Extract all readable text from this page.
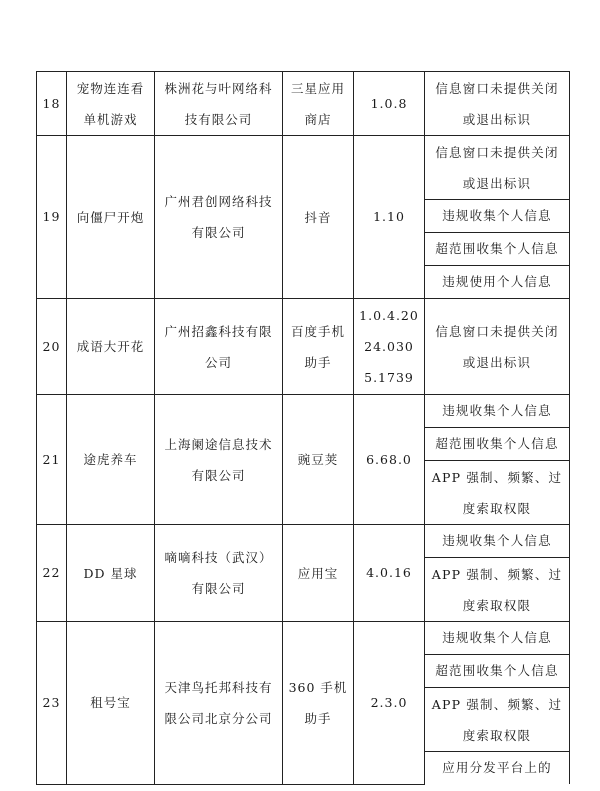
18	宠物连连看单机游戏	株洲花与叶网络科技有限公司	三星应用商店	1.0.8	信息窗口未提供关闭或退出标识
19	向僵尸开炮	广州君创网络科技有限公司	抖音	1.10	信息窗口未提供关闭或退出标识
					违规收集个人信息
					超范围收集个人信息
					违规使用个人信息
20	成语大开花	广州招鑫科技有限公司	百度手机助手	1.0.4.2024.0305.1739	信息窗口未提供关闭或退出标识
21	途虎养车	上海阑途信息技术有限公司	豌豆荚	6.68.0	违规收集个人信息
					超范围收集个人信息
					APP 强制、频繁、过度索取权限
22	DD 星球	嘀嘀科技（武汉）有限公司	应用宝	4.0.16	违规收集个人信息
					APP 强制、频繁、过度索取权限
23	租号宝	天津鸟托邦科技有限公司北京分公司	360 手机助手	2.3.0	违规收集个人信息
					超范围收集个人信息
					APP 强制、频繁、过度索取权限
					应用分发平台上的
